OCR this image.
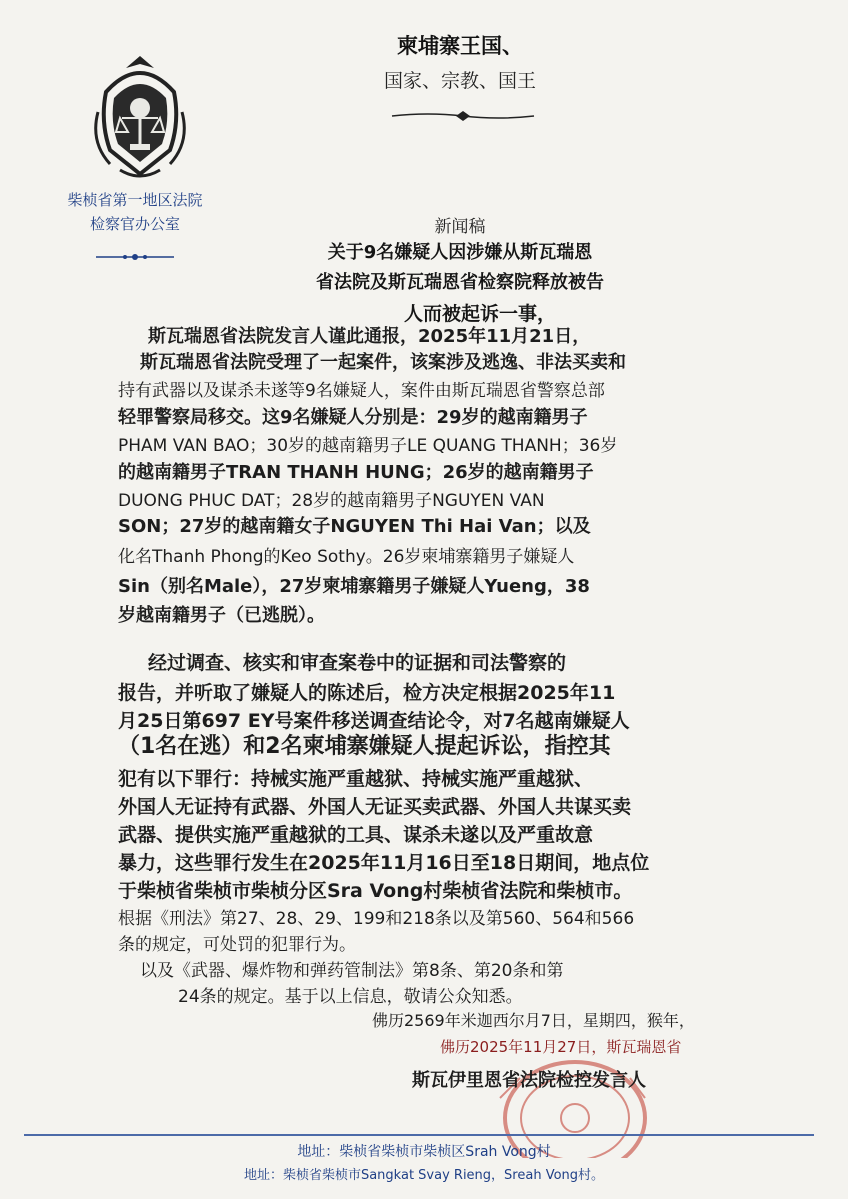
柴桢省第一地区法院
检察官办公室
柬埔寨王国、
国家、宗教、国王
新闻稿
关于9名嫌疑人因涉嫌从斯瓦瑞恩
省法院及斯瓦瑞恩省检察院释放被告
人而被起诉一事，
斯瓦瑞恩省法院发言人谨此通报，2025年11月21日，
斯瓦瑞恩省法院受理了一起案件，该案涉及逃逸、非法买卖和
持有武器以及谋杀未遂等9名嫌疑人，案件由斯瓦瑞恩省警察总部
轻罪警察局移交。这9名嫌疑人分别是：29岁的越南籍男子
PHAM VAN BAO；30岁的越南籍男子LE QUANG THANH；36岁
的越南籍男子TRAN THANH HUNG；26岁的越南籍男子
DUONG PHUC DAT；28岁的越南籍男子NGUYEN VAN
SON；27岁的越南籍女子NGUYEN Thi Hai Van；以及
化名Thanh Phong的Keo Sothy。26岁柬埔寨籍男子嫌疑人
Sin（别名Male），27岁柬埔寨籍男子嫌疑人Yueng，38
岁越南籍男子（已逃脱）。
经过调查、核实和审查案卷中的证据和司法警察的
报告，并听取了嫌疑人的陈述后，检方决定根据2025年11
月25日第697 EY号案件移送调查结论令，对7名越南嫌疑人
（1名在逃）和2名柬埔寨嫌疑人提起诉讼，指控其
犯有以下罪行：持械实施严重越狱、持械实施严重越狱、
外国人无证持有武器、外国人无证买卖武器、外国人共谋买卖
武器、提供实施严重越狱的工具、谋杀未遂以及严重故意
暴力，这些罪行发生在2025年11月16日至18日期间，地点位
于柴桢省柴桢市柴桢分区Sra Vong村柴桢省法院和柴桢市。
根据《刑法》第27、28、29、199和218条以及第560、564和566
条的规定，可处罚的犯罪行为。
以及《武器、爆炸物和弹药管制法》第8条、第20条和第
24条的规定。基于以上信息，敬请公众知悉。
佛历2569年米迦西尔月7日，星期四，猴年，
佛历2025年11月27日，斯瓦瑞恩省
斯瓦伊里恩省法院检控发言人
地址：柴桢省柴桢市柴桢区Srah Vong村
地址：柴桢省柴桢市Sangkat Svay Rieng，Sreah Vong村。
